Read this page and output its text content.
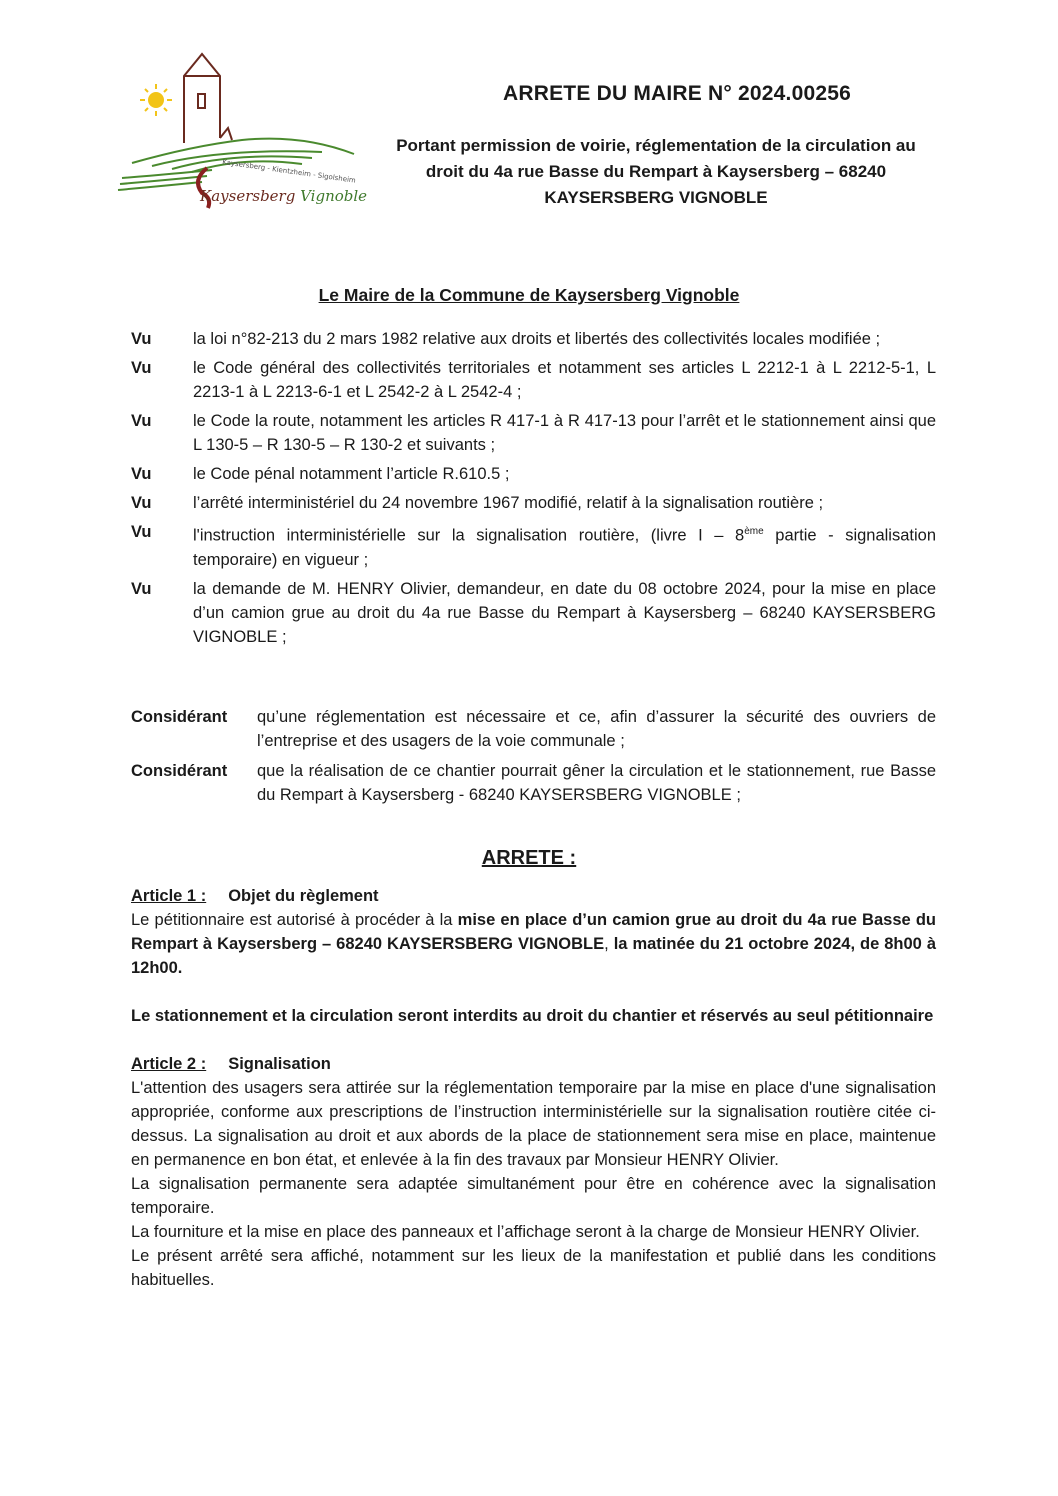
Kaysersberg - Kientzheim - Sigolsheim
Kaysersberg Vignoble
ARRETE DU MAIRE N° 2024.00256
Portant permission de voirie, réglementation de la circulation au droit du 4a rue Basse du Rempart à Kaysersberg – 68240 KAYSERSBERG VIGNOBLE
Le Maire de la Commune de Kaysersberg Vignoble
Vu	la loi n°82-213 du 2 mars 1982 relative aux droits et libertés des collectivités locales modifiée ;
Vu	le Code général des collectivités territoriales et notamment ses articles L 2212-1 à L 2212-5-1, L 2213-1 à L 2213-6-1 et L 2542-2 à L 2542-4 ;
Vu	le Code la route, notamment les articles R 417-1 à R 417-13 pour l’arrêt et le stationnement ainsi que L 130-5 – R 130-5 – R 130-2 et suivants ;
Vu	le Code pénal notamment l’article R.610.5 ;
Vu	l’arrêté interministériel du 24 novembre 1967 modifié, relatif à la signalisation routière ;
Vu	l'instruction interministérielle sur la signalisation routière, (livre I – 8ème partie - signalisation temporaire) en vigueur ;
Vu	la demande de M. HENRY Olivier, demandeur, en date du 08 octobre 2024, pour la mise en place d’un camion grue au droit du 4a rue Basse du Rempart à Kaysersberg – 68240 KAYSERSBERG VIGNOBLE ;
Considérant	qu’une réglementation est nécessaire et ce, afin d’assurer la sécurité des ouvriers de l’entreprise et des usagers de la voie communale ;
Considérant	que la réalisation de ce chantier pourrait gêner la circulation et le stationnement, rue Basse du Rempart à Kaysersberg - 68240 KAYSERSBERG VIGNOBLE ;
ARRETE :
Article 1 : Objet du règlement

Le pétitionnaire est autorisé à procéder à la mise en place d’un camion grue au droit du 4a rue Basse du Rempart à Kaysersberg – 68240 KAYSERSBERG VIGNOBLE, la matinée du 21 octobre 2024, de 8h00 à 12h00.

Le stationnement et la circulation seront interdits au droit du chantier et réservés au seul pétitionnaire

Article 2 : Signalisation

L'attention des usagers sera attirée sur la réglementation temporaire par la mise en place d'une signalisation appropriée, conforme aux prescriptions de l’instruction interministérielle sur la signalisation routière citée ci-dessus. La signalisation au droit et aux abords de la place de stationnement sera mise en place, maintenue en permanence en bon état, et enlevée à la fin des travaux par Monsieur HENRY Olivier.

La signalisation permanente sera adaptée simultanément pour être en cohérence avec la signalisation temporaire.

La fourniture et la mise en place des panneaux et l’affichage seront à la charge de Monsieur HENRY Olivier.

Le présent arrêté sera affiché, notamment sur les lieux de la manifestation et publié dans les conditions habituelles.
